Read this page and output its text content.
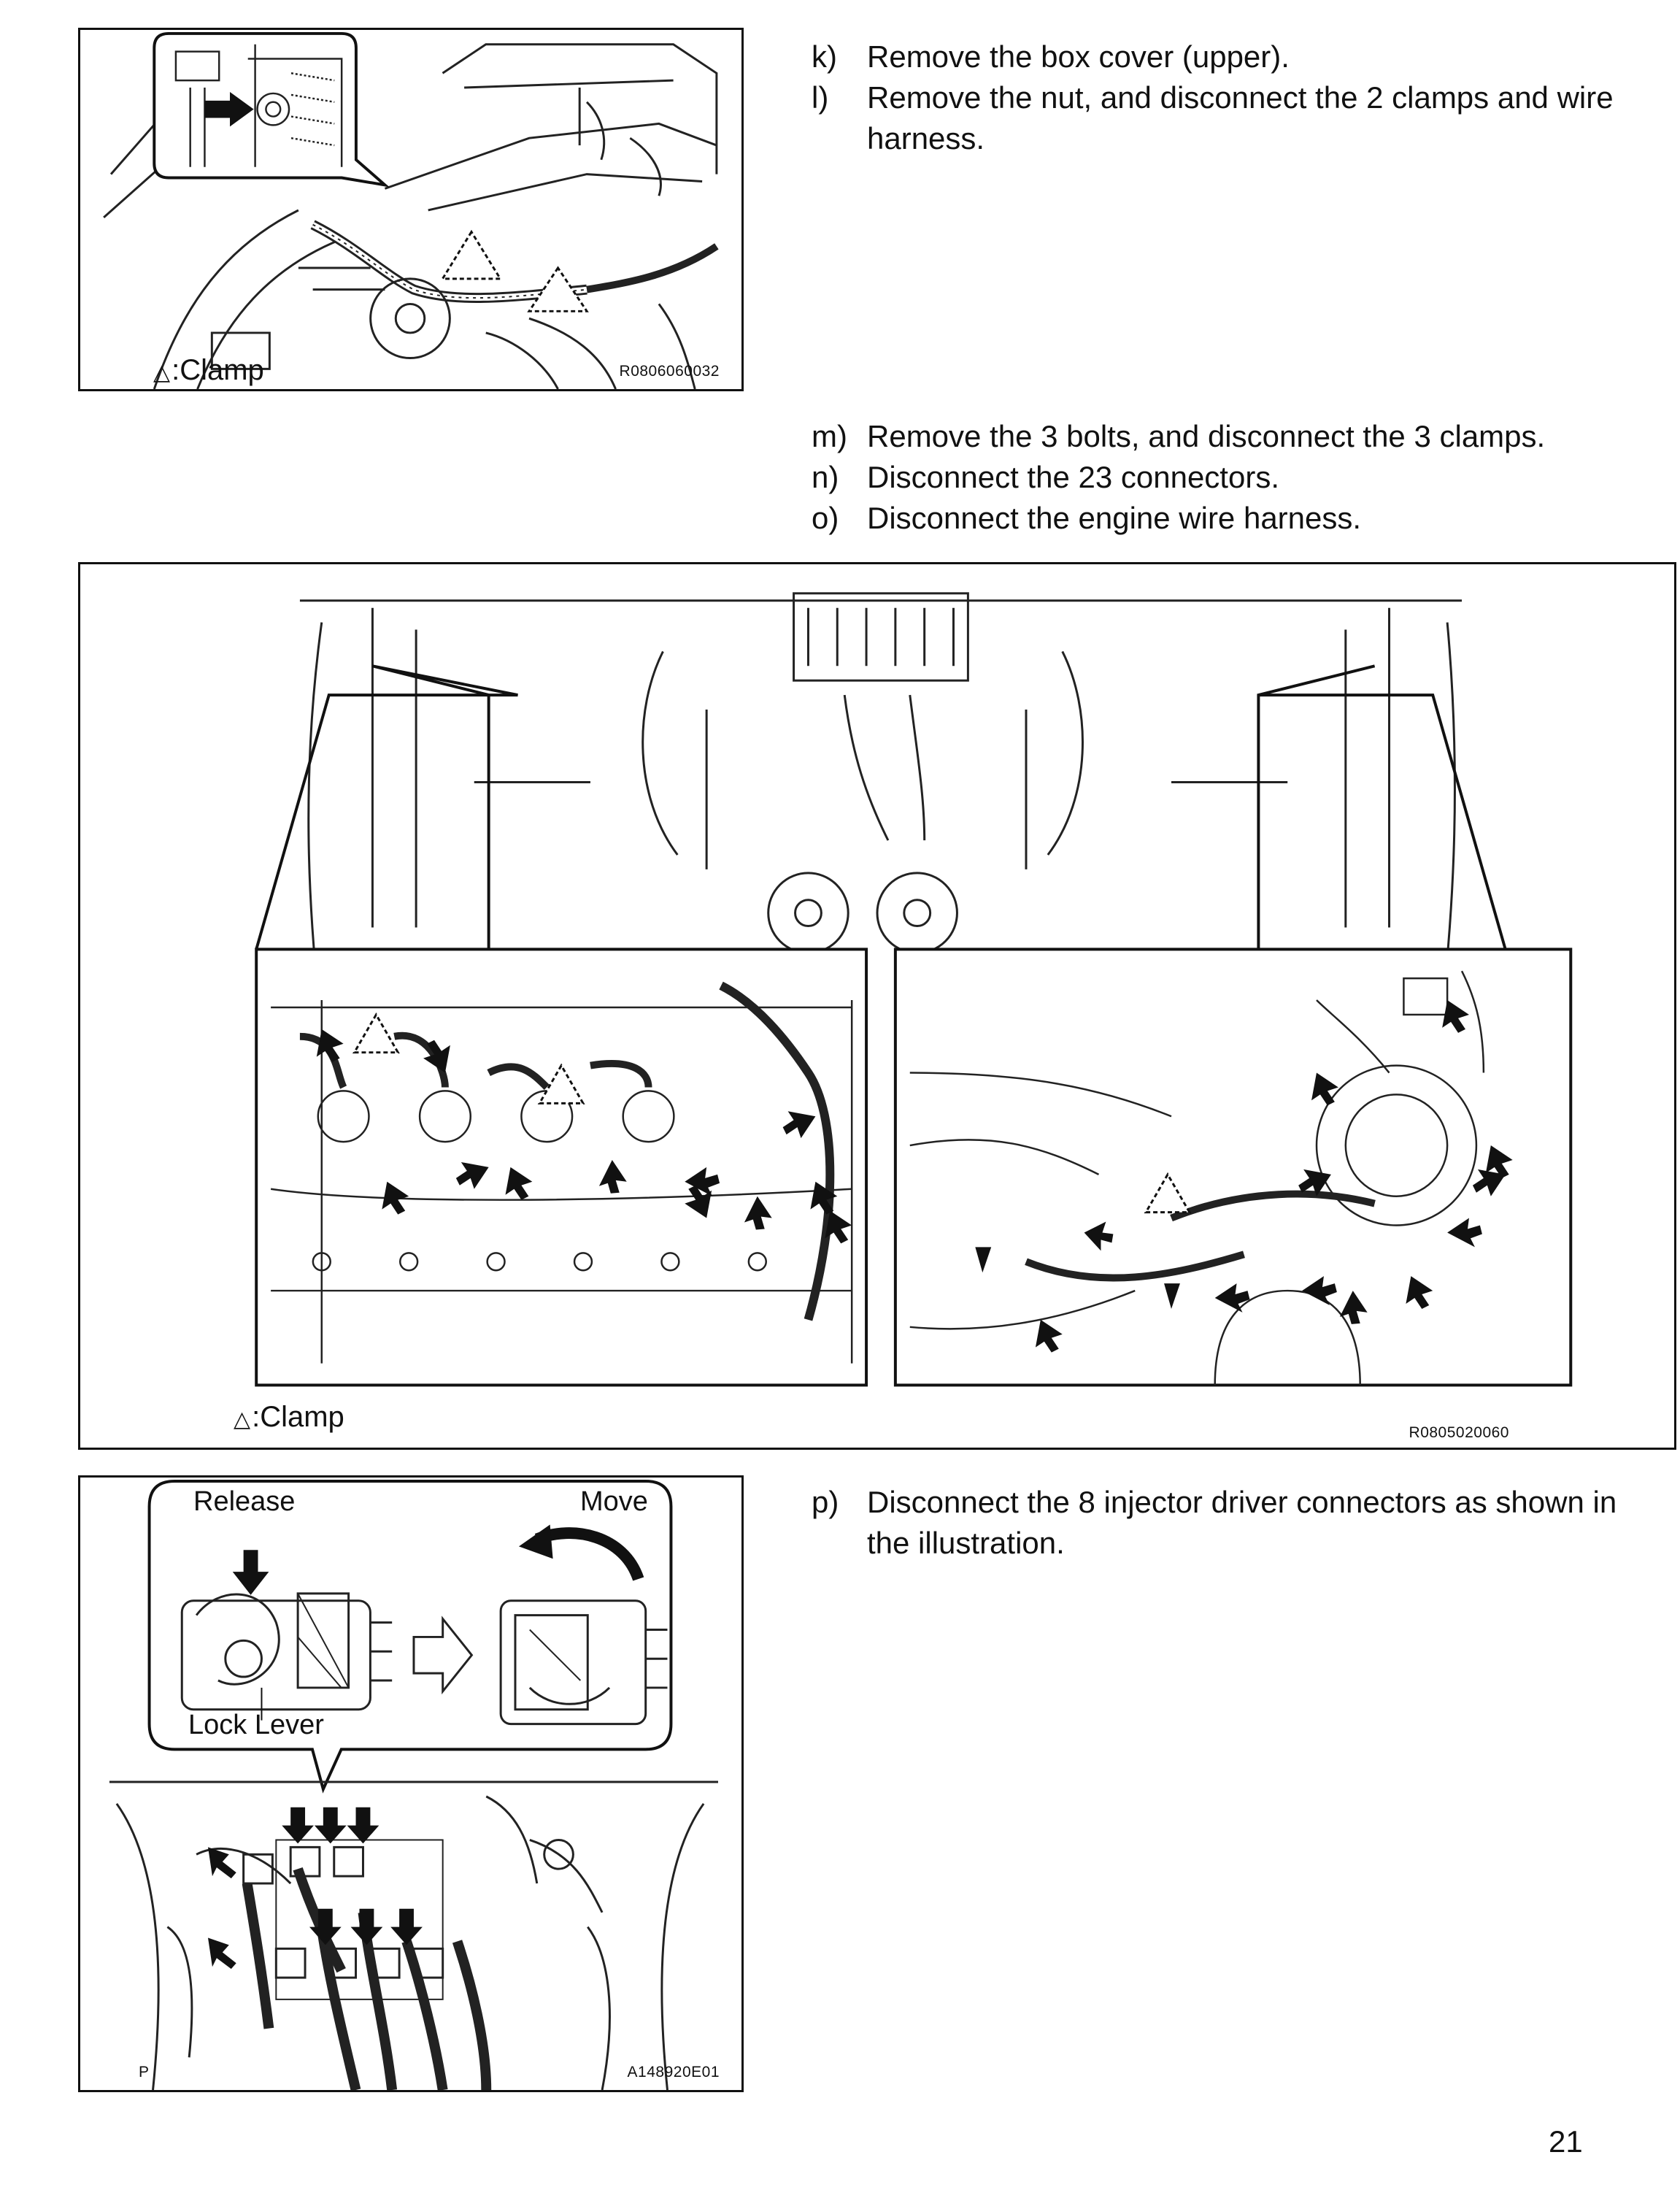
△:Clamp	R0806060032
k) Remove the box cover (upper).
l)	Remove the nut, and disconnect the 2 clamps and wire harness.
m) Remove the 3 bolts, and disconnect the 3 clamps.
n) Disconnect the 23 connectors.
o) Disconnect the engine wire harness.
△:Clamp	R0805020060
Release	Move
Lock Lever
P	A148920E01
p) Disconnect the 8 injector driver connectors as shown in the illustration.
21
